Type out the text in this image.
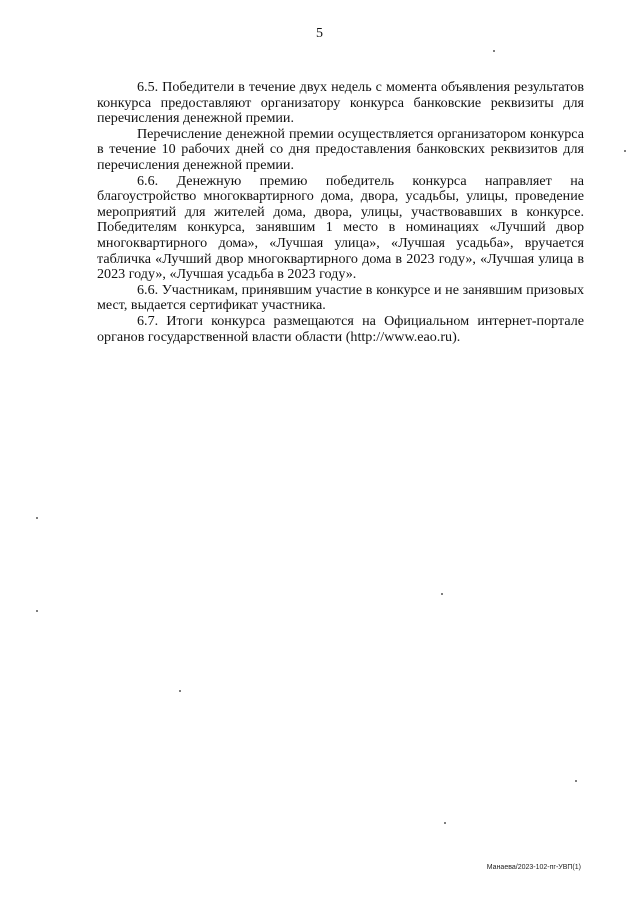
5

6.5. Победители в течение двух недель с момента объявления результатов конкурса предоставляют организатору конкурса банковские реквизиты для перечисления денежной премии.

Перечисление денежной премии осуществляется организатором конкурса в течение 10 рабочих дней со дня предоставления банковских реквизитов для перечисления денежной премии.

6.6. Денежную премию победитель конкурса направляет на благоустройство многоквартирного дома, двора, усадьбы, улицы, проведение мероприятий для жителей дома, двора, улицы, участвовавших в конкурсе. Победителям конкурса, занявшим 1 место в номинациях «Лучший двор многоквартирного дома», «Лучшая улица», «Лучшая усадьба», вручается табличка «Лучший двор многоквартирного дома в 2023 году», «Лучшая улица в 2023 году», «Лучшая усадьба в 2023 году».

6.6. Участникам, принявшим участие в конкурсе и не занявшим призовых мест, выдается сертификат участника.

6.7. Итоги конкурса размещаются на Официальном интернет-портале органов государственной власти области (http://www.eao.ru).

Манаева/2023-102-пг-УВП(1)
